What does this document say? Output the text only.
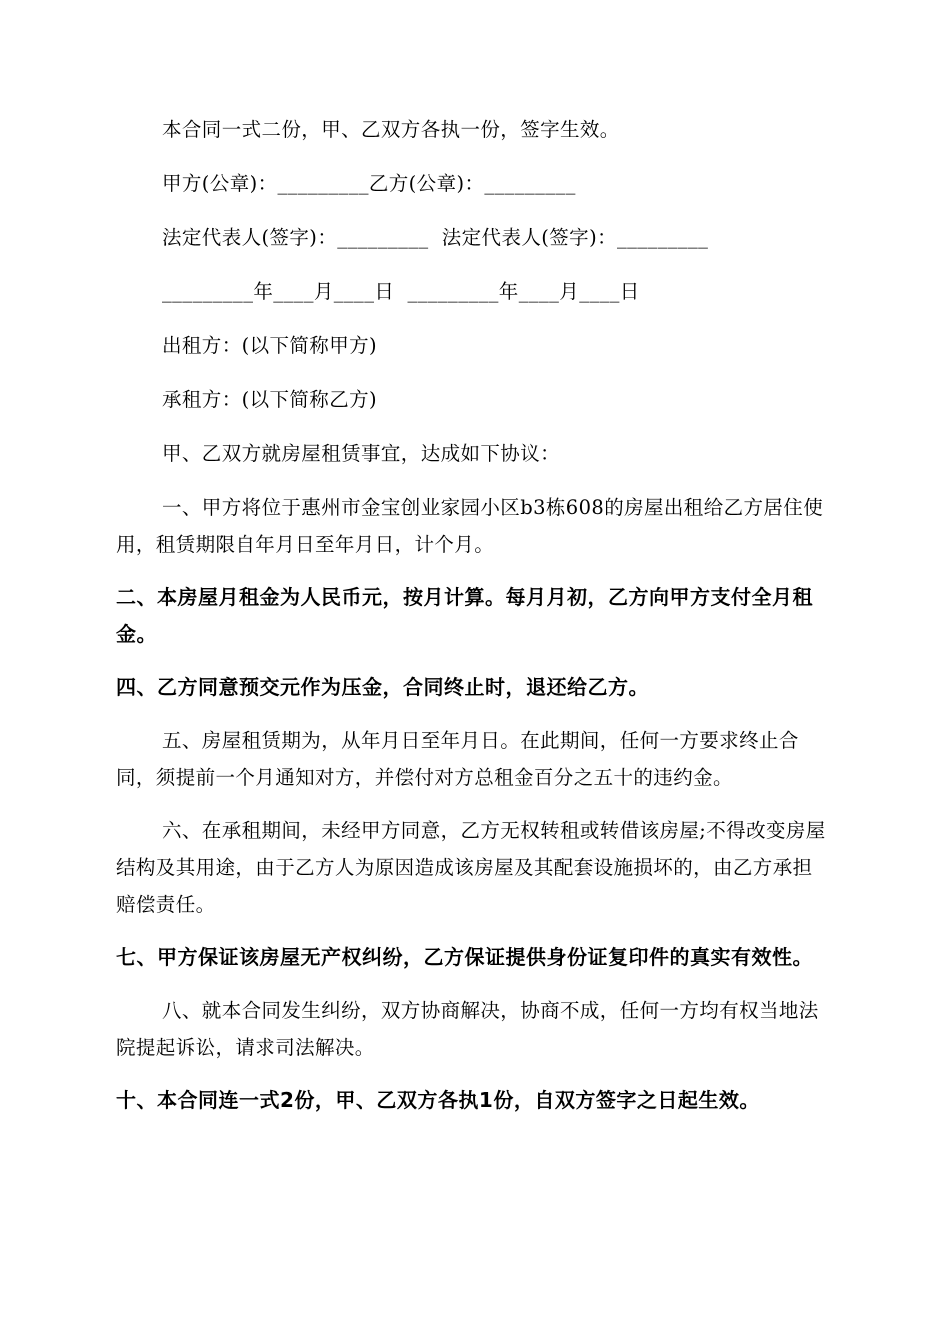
本合同一式二份，甲、乙双方各执一份，签字生效。

甲方(公章)：_________乙方(公章)：_________

法定代表人(签字)：_________  法定代表人(签字)：_________

_________年____月____日  _________年____月____日

出租方：(以下简称甲方)

承租方：(以下简称乙方)

甲、乙双方就房屋租赁事宜，达成如下协议：

一、甲方将位于惠州市金宝创业家园小区b3栋608的房屋出租给乙方居住使用，租赁期限自年月日至年月日，计个月。

二、本房屋月租金为人民币元，按月计算。每月月初，乙方向甲方支付全月租金。

四、乙方同意预交元作为压金，合同终止时，退还给乙方。

五、房屋租赁期为，从年月日至年月日。在此期间，任何一方要求终止合同，须提前一个月通知对方，并偿付对方总租金百分之五十的违约金。

六、在承租期间，未经甲方同意，乙方无权转租或转借该房屋;不得改变房屋结构及其用途，由于乙方人为原因造成该房屋及其配套设施损坏的，由乙方承担赔偿责任。

七、甲方保证该房屋无产权纠纷，乙方保证提供身份证复印件的真实有效性。

八、就本合同发生纠纷，双方协商解决，协商不成，任何一方均有权当地法院提起诉讼，请求司法解决。

十、本合同连一式2份，甲、乙双方各执1份，自双方签字之日起生效。
